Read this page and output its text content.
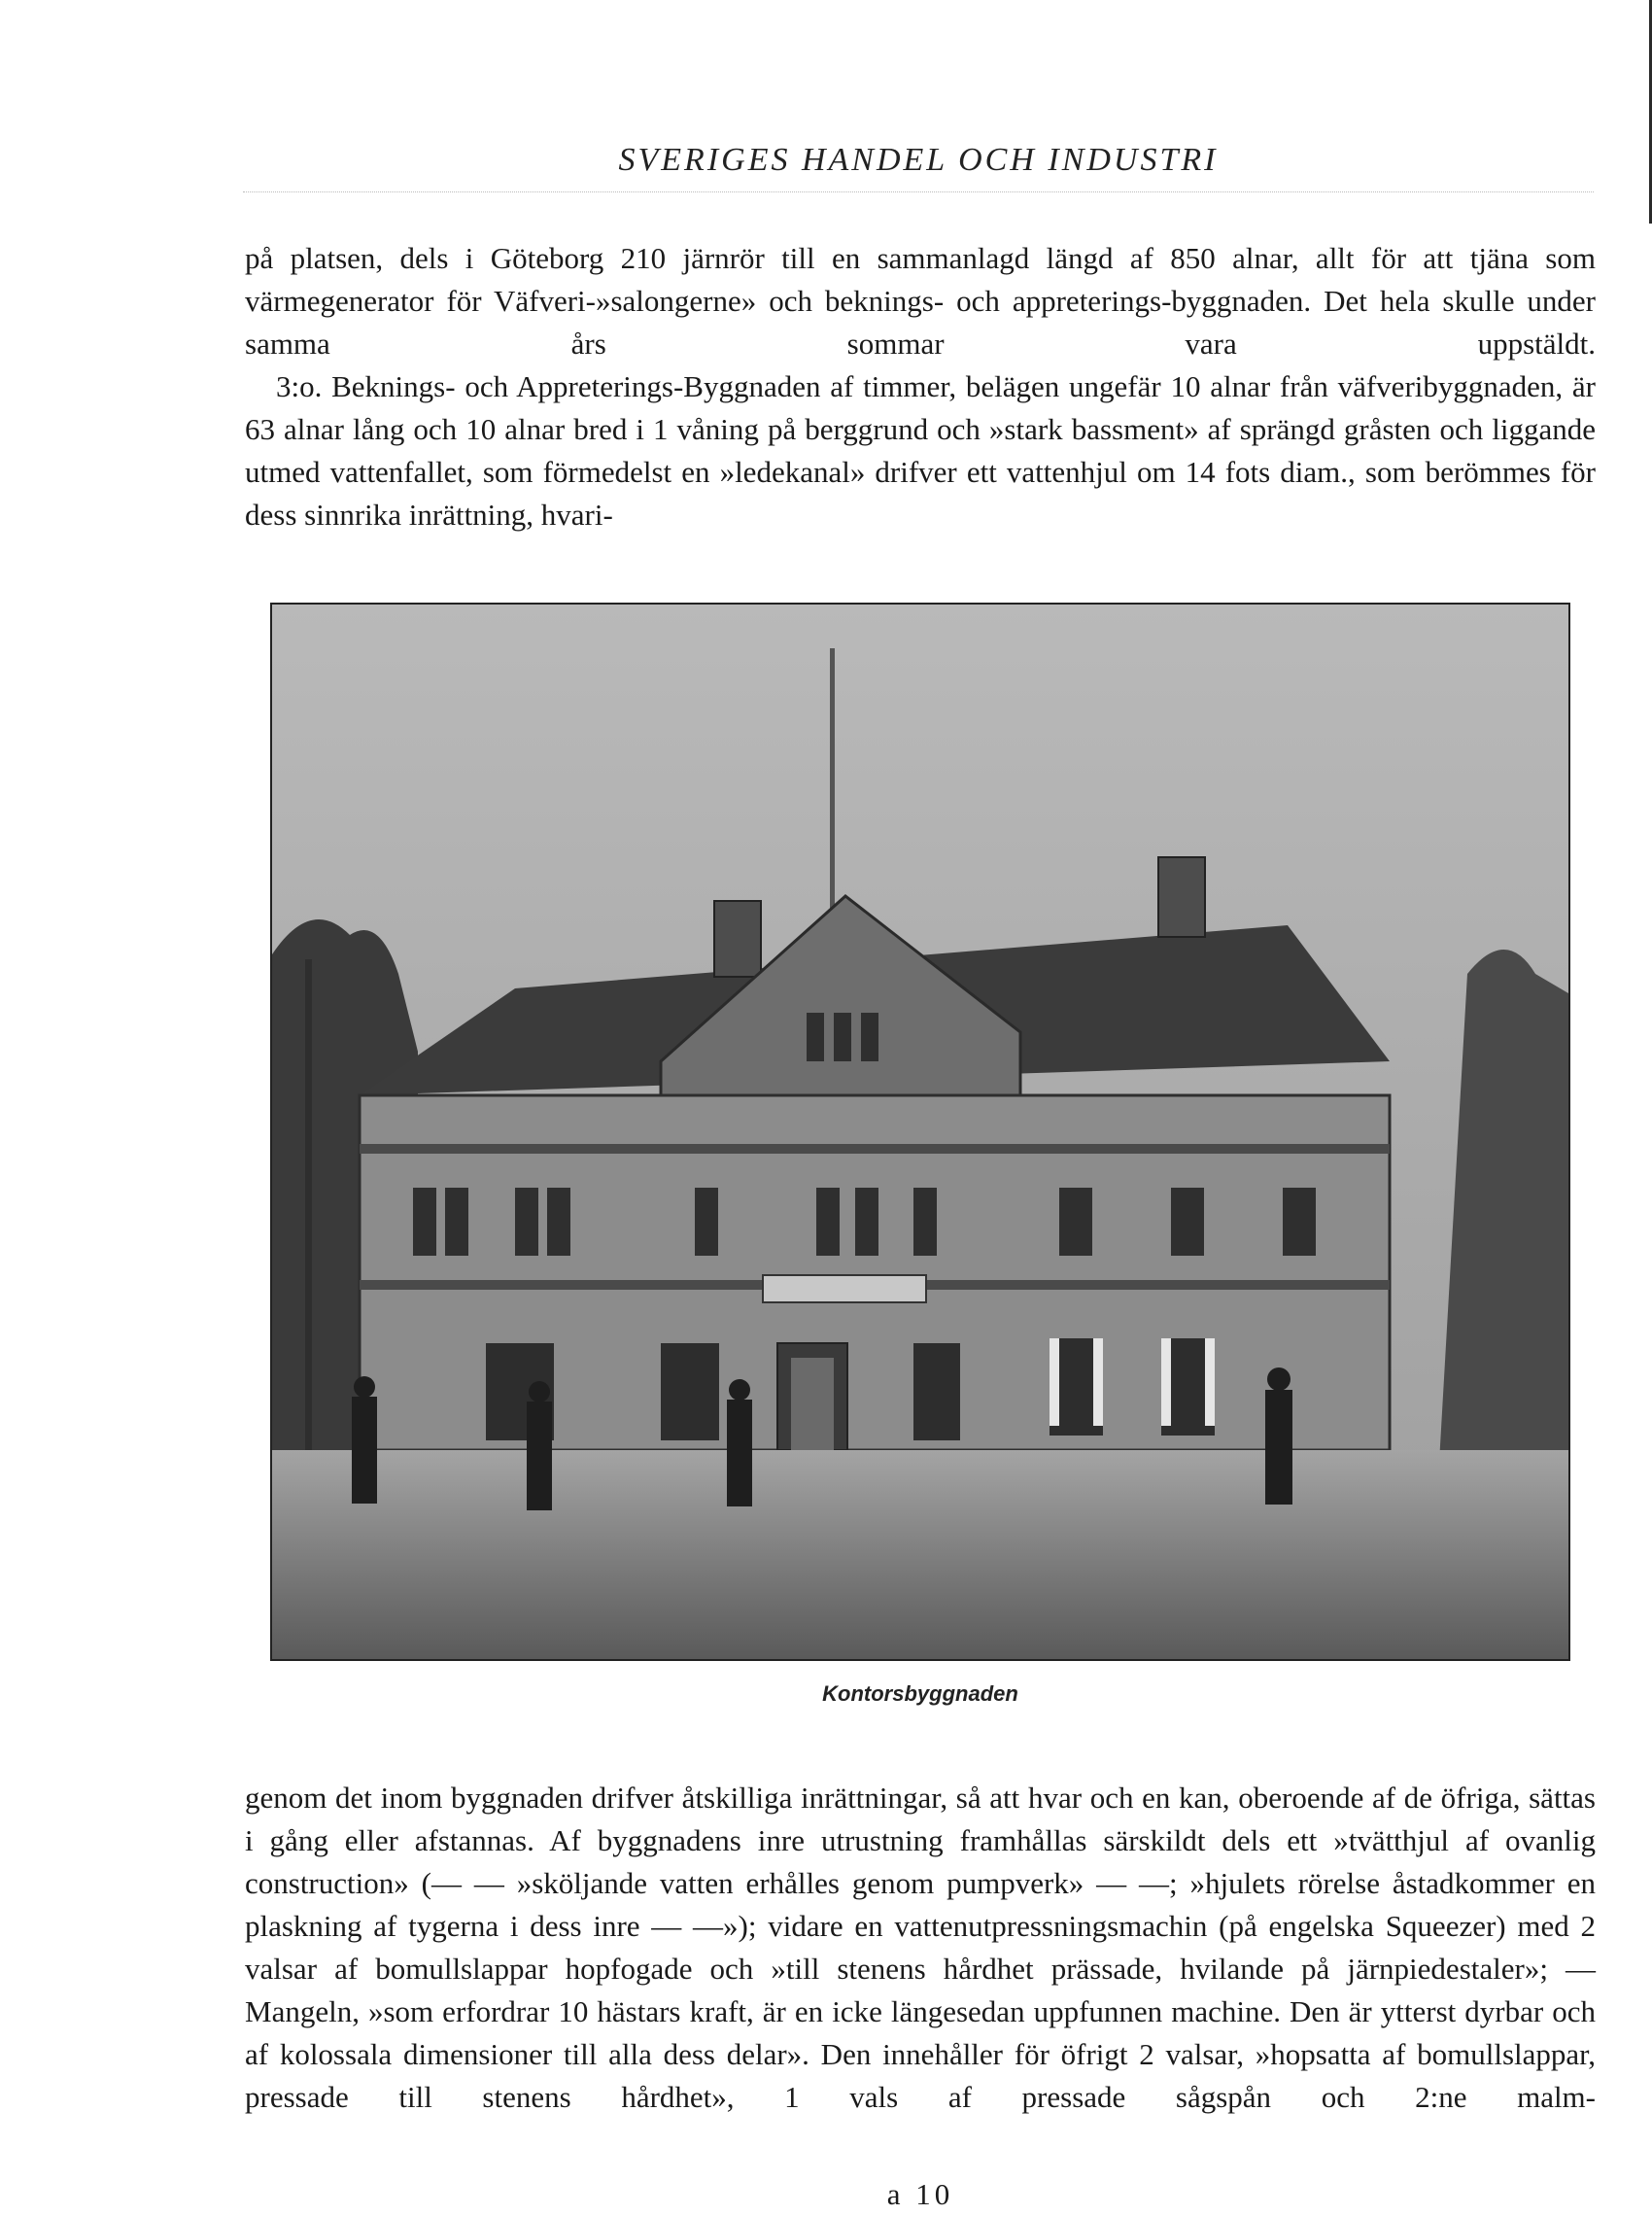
SVERIGES HANDEL OCH INDUSTRI

på platsen, dels i Göteborg 210 järnrör till en sammanlagd längd af 850 alnar, allt för att tjäna som värmegenerator för Väfveri-»salongerne» och beknings- och appreterings-byggnaden. Det hela skulle under samma års sommar vara uppstäldt.

3:o. Beknings- och Appreterings-Byggnaden af timmer, belägen ungefär 10 alnar från väfveribyggnaden, är 63 alnar lång och 10 alnar bred i 1 våning på berggrund och »stark bassment» af sprängd gråsten och liggande utmed vattenfallet, som förmedelst en »ledekanal» drifver ett vattenhjul om 14 fots diam., som berömmes för dess sinnrika inrättning, hvari-

Kontorsbyggnaden

genom det inom byggnaden drifver åtskilliga inrättningar, så att hvar och en kan, oberoende af de öfriga, sättas i gång eller afstannas. Af byggnadens inre utrustning framhållas särskildt dels ett »tvätthjul af ovanlig construction» (— — »sköljande vatten erhålles genom pumpverk» — —; »hjulets rörelse åstadkommer en plaskning af tygerna i dess inre — —»); vidare en vattenutpressningsmachin (på engelska Squeezer) med 2 valsar af bomullslappar hopfogade och »till stenens hårdhet prässade, hvilande på järnpiedestaler»; — Mangeln, »som erfordrar 10 hästars kraft, är en icke längesedan uppfunnen machine. Den är ytterst dyrbar och af kolossala dimensioner till alla dess delar». Den innehåller för öfrigt 2 valsar, »hopsatta af bomullslappar, pressade till stenens hårdhet», 1 vals af pressade sågspån och 2:ne malm-

a 10
